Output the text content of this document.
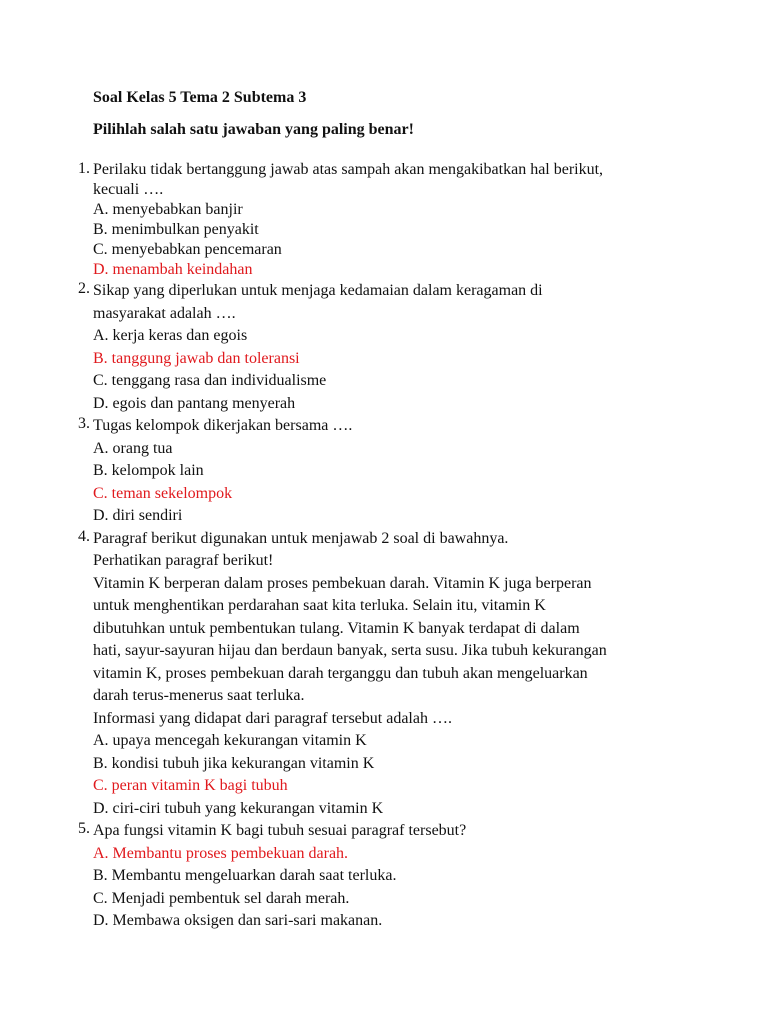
Soal Kelas 5 Tema 2 Subtema 3

Pilihlah salah satu jawaban yang paling benar!

1. Perilaku tidak bertanggung jawab atas sampah akan mengakibatkan hal berikut,
kecuali ….
A. menyebabkan banjir
B. menimbulkan penyakit
C. menyebabkan pencemaran
D. menambah keindahan
2. Sikap yang diperlukan untuk menjaga kedamaian dalam keragaman di
masyarakat adalah ….
A. kerja keras dan egois
B. tanggung jawab dan toleransi
C. tenggang rasa dan individualisme
D. egois dan pantang menyerah
3. Tugas kelompok dikerjakan bersama ….
A. orang tua
B. kelompok lain
C. teman sekelompok
D. diri sendiri
4. Paragraf berikut digunakan untuk menjawab 2 soal di bawahnya.
Perhatikan paragraf berikut!
Vitamin K berperan dalam proses pembekuan darah. Vitamin K juga berperan
untuk menghentikan perdarahan saat kita terluka. Selain itu, vitamin K
dibutuhkan untuk pembentukan tulang. Vitamin K banyak terdapat di dalam
hati, sayur-sayuran hijau dan berdaun banyak, serta susu. Jika tubuh kekurangan
vitamin K, proses pembekuan darah terganggu dan tubuh akan mengeluarkan
darah terus-menerus saat terluka.
Informasi yang didapat dari paragraf tersebut adalah ….
A. upaya mencegah kekurangan vitamin K
B. kondisi tubuh jika kekurangan vitamin K
C. peran vitamin K bagi tubuh
D. ciri-ciri tubuh yang kekurangan vitamin K
5. Apa fungsi vitamin K bagi tubuh sesuai paragraf tersebut?
A. Membantu proses pembekuan darah.
B. Membantu mengeluarkan darah saat terluka.
C. Menjadi pembentuk sel darah merah.
D. Membawa oksigen dan sari-sari makanan.
